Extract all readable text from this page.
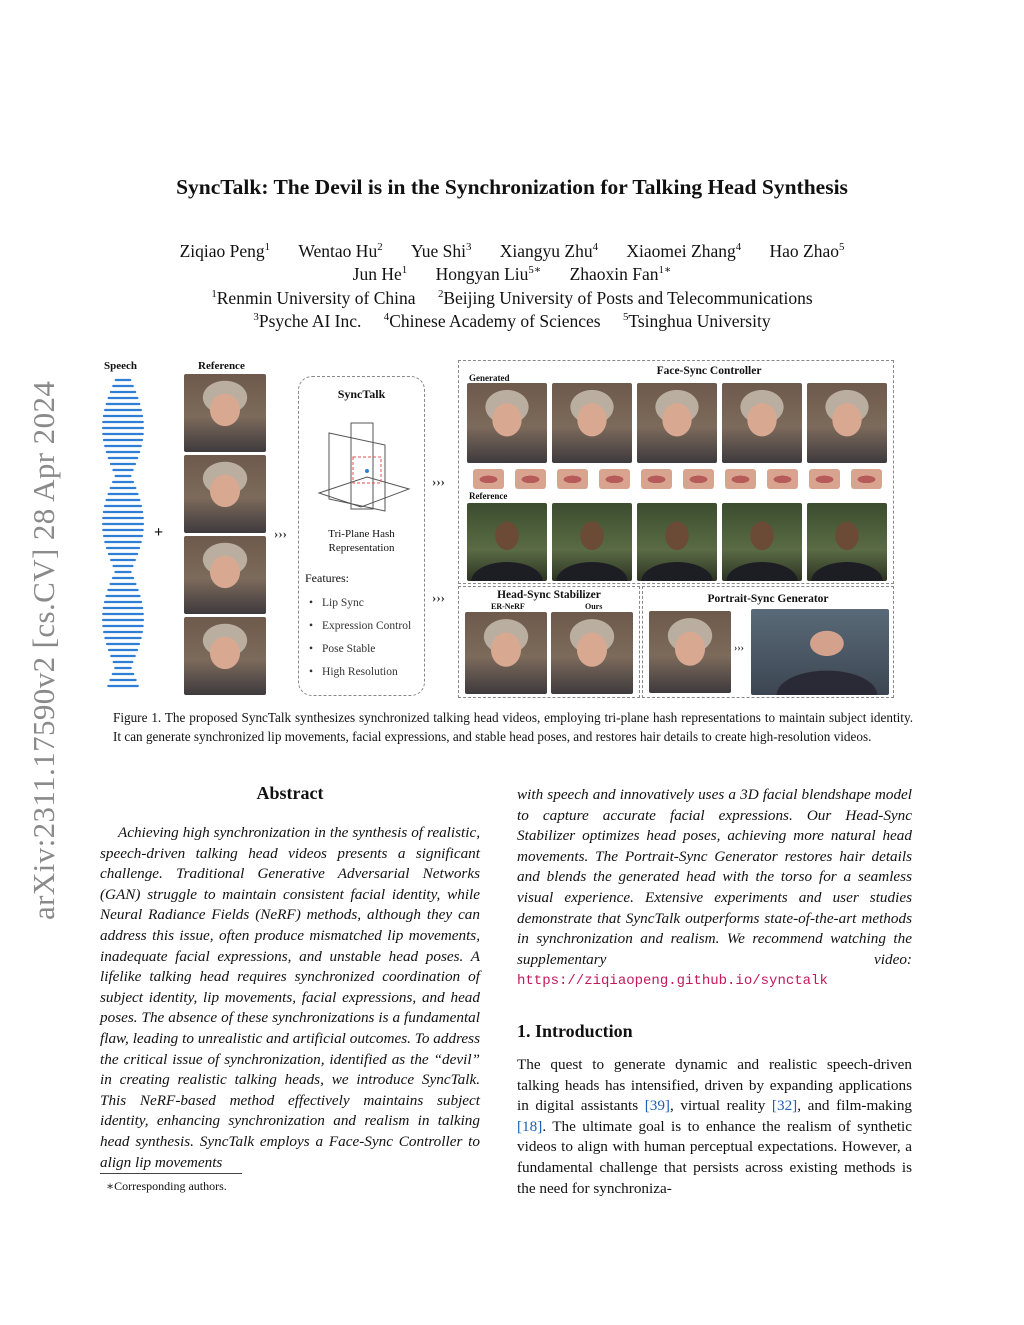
arXiv:2311.17590v2 [cs.CV] 28 Apr 2024
SyncTalk: The Devil is in the Synchronization for Talking Head Synthesis
Ziqiao Peng$^1$ Wentao Hu$^2$ Yue Shi$^3$ Xiangyu Zhu$^4$ Xiaomei Zhang$^4$ Hao Zhao$^5$
Jun He$^1$ Hongyan Liu$^{5∗}$ Zhaoxin Fan$^{1∗}$
$^1$Renmin University of China $^2$Beijing University of Posts and Telecommunications
$^3$Psyche AI Inc. $^4$Chinese Academy of Sciences $^5$Tsinghua University
Speech
+
Reference
›››
SyncTalk
Tri-Plane Hash
Representation
Features:
• Lip Sync
• Expression Control
• Pose Stable
• High Resolution
›››
›››
Generated
Face-Sync Controller
Reference
Head-Sync Stabilizer
ER-NeRF	Ours
Portrait-Sync Generator
›››
Figure 1. The proposed SyncTalk synthesizes synchronized talking head videos, employing tri-plane hash representations to maintain subject identity. It can generate synchronized lip movements, facial expressions, and stable head poses, and restores hair details to create high-resolution videos.
Abstract
Achieving high synchronization in the synthesis of realistic, speech-driven talking head videos presents a significant challenge. Traditional Generative Adversarial Networks (GAN) struggle to maintain consistent facial identity, while Neural Radiance Fields (NeRF) methods, although they can address this issue, often produce mismatched lip movements, inadequate facial expressions, and unstable head poses. A lifelike talking head requires synchronized coordination of subject identity, lip movements, facial expressions, and head poses. The absence of these synchronizations is a fundamental flaw, leading to unrealistic and artificial outcomes. To address the critical issue of synchronization, identified as the “devil” in creating realistic talking heads, we introduce SyncTalk. This NeRF-based method effectively maintains subject identity, enhancing synchronization and realism in talking head synthesis. SyncTalk employs a Face-Sync Controller to align lip movements
with speech and innovatively uses a 3D facial blendshape model to capture accurate facial expressions. Our Head-Sync Stabilizer optimizes head poses, achieving more natural head movements. The Portrait-Sync Generator restores hair details and blends the generated head with the torso for a seamless visual experience. Extensive experiments and user studies demonstrate that SyncTalk outperforms state-of-the-art methods in synchronization and realism. We recommend watching the supplementary video: https://ziqiaopeng.github.io/synctalk
∗Corresponding authors.
1. Introduction
The quest to generate dynamic and realistic speech-driven talking heads has intensified, driven by expanding applications in digital assistants [39], virtual reality [32], and film-making [18]. The ultimate goal is to enhance the realism of synthetic videos to align with human perceptual expectations. However, a fundamental challenge that persists across existing methods is the need for synchroniza-
